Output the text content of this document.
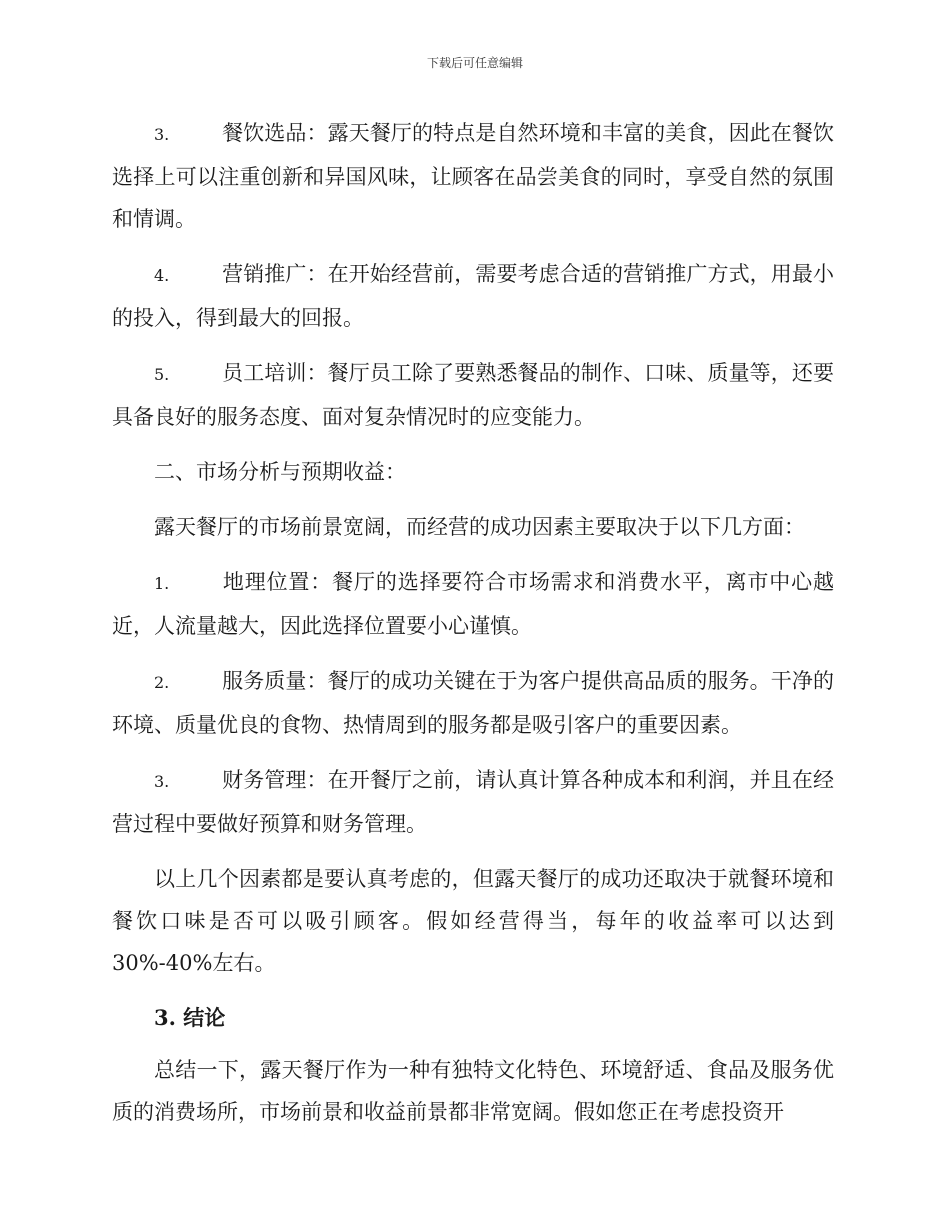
下载后可任意编辑

3.	餐饮选品：露天餐厅的特点是自然环境和丰富的美食，因此在餐饮选择上可以注重创新和异国风味，让顾客在品尝美食的同时，享受自然的氛围和情调。

4.	营销推广：在开始经营前，需要考虑合适的营销推广方式，用最小的投入，得到最大的回报。

5.	员工培训：餐厅员工除了要熟悉餐品的制作、口味、质量等，还要具备良好的服务态度、面对复杂情况时的应变能力。

二、市场分析与预期收益：

露天餐厅的市场前景宽阔，而经营的成功因素主要取决于以下几方面：

1.	地理位置：餐厅的选择要符合市场需求和消费水平，离市中心越近，人流量越大，因此选择位置要小心谨慎。

2.	服务质量：餐厅的成功关键在于为客户提供高品质的服务。干净的环境、质量优良的食物、热情周到的服务都是吸引客户的重要因素。

3.	财务管理：在开餐厅之前，请认真计算各种成本和利润，并且在经营过程中要做好预算和财务管理。

以上几个因素都是要认真考虑的，但露天餐厅的成功还取决于就餐环境和餐饮口味是否可以吸引顾客。假如经营得当，每年的收益率可以达到30%-40%左右。

3. 结论

总结一下，露天餐厅作为一种有独特文化特色、环境舒适、食品及服务优质的消费场所，市场前景和收益前景都非常宽阔。假如您正在考虑投资开
